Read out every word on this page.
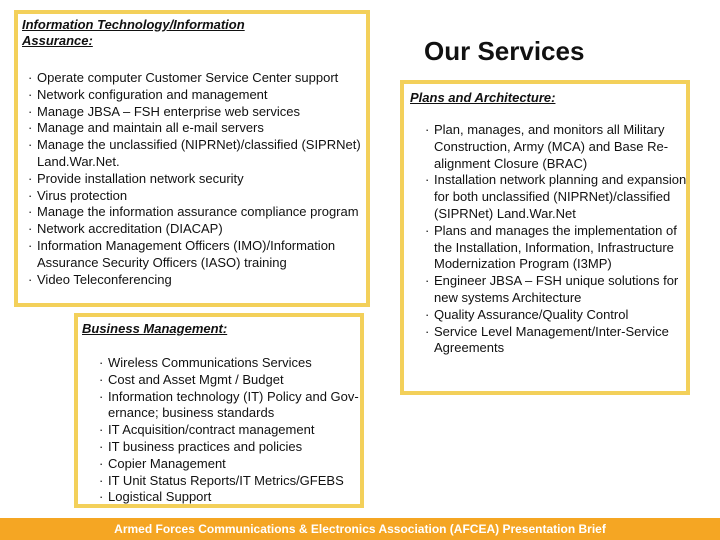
Information Technology/Information Assurance:
· Operate computer Customer Service Center support
· Network configuration and management
· Manage JBSA – FSH enterprise web services
· Manage and maintain all e-mail servers
· Manage the unclassified (NIPRNet)/classified (SIPRNet) Land.War.Net.
· Provide installation network security
· Virus protection
· Manage the information assurance compliance program
· Network accreditation (DIACAP)
· Information Management Officers (IMO)/Information Assurance Security Officers (IASO) training
· Video Teleconferencing
Our Services
Plans and Architecture:
· Plan, manages, and monitors all Military Construction, Army (MCA) and Base Re-alignment Closure (BRAC)
· Installation network planning and expansion for both unclassified (NIPRNet)/classified (SIPRNet) Land.War.Net
· Plans and manages the implementation of the Installation, Information, Infrastructure Modernization Program (I3MP)
· Engineer JBSA – FSH unique solutions for new systems Architecture
· Quality Assurance/Quality Control
· Service Level Management/Inter-Service Agreements
Business Management:
· Wireless Communications Services
· Cost and Asset Mgmt / Budget
· Information technology (IT) Policy and Gov-ernance; business standards
· IT Acquisition/contract management
· IT business practices and policies
· Copier Management
· IT Unit Status Reports/IT Metrics/GFEBS
· Logistical Support
Armed Forces Communications & Electronics Association (AFCEA) Presentation Brief
